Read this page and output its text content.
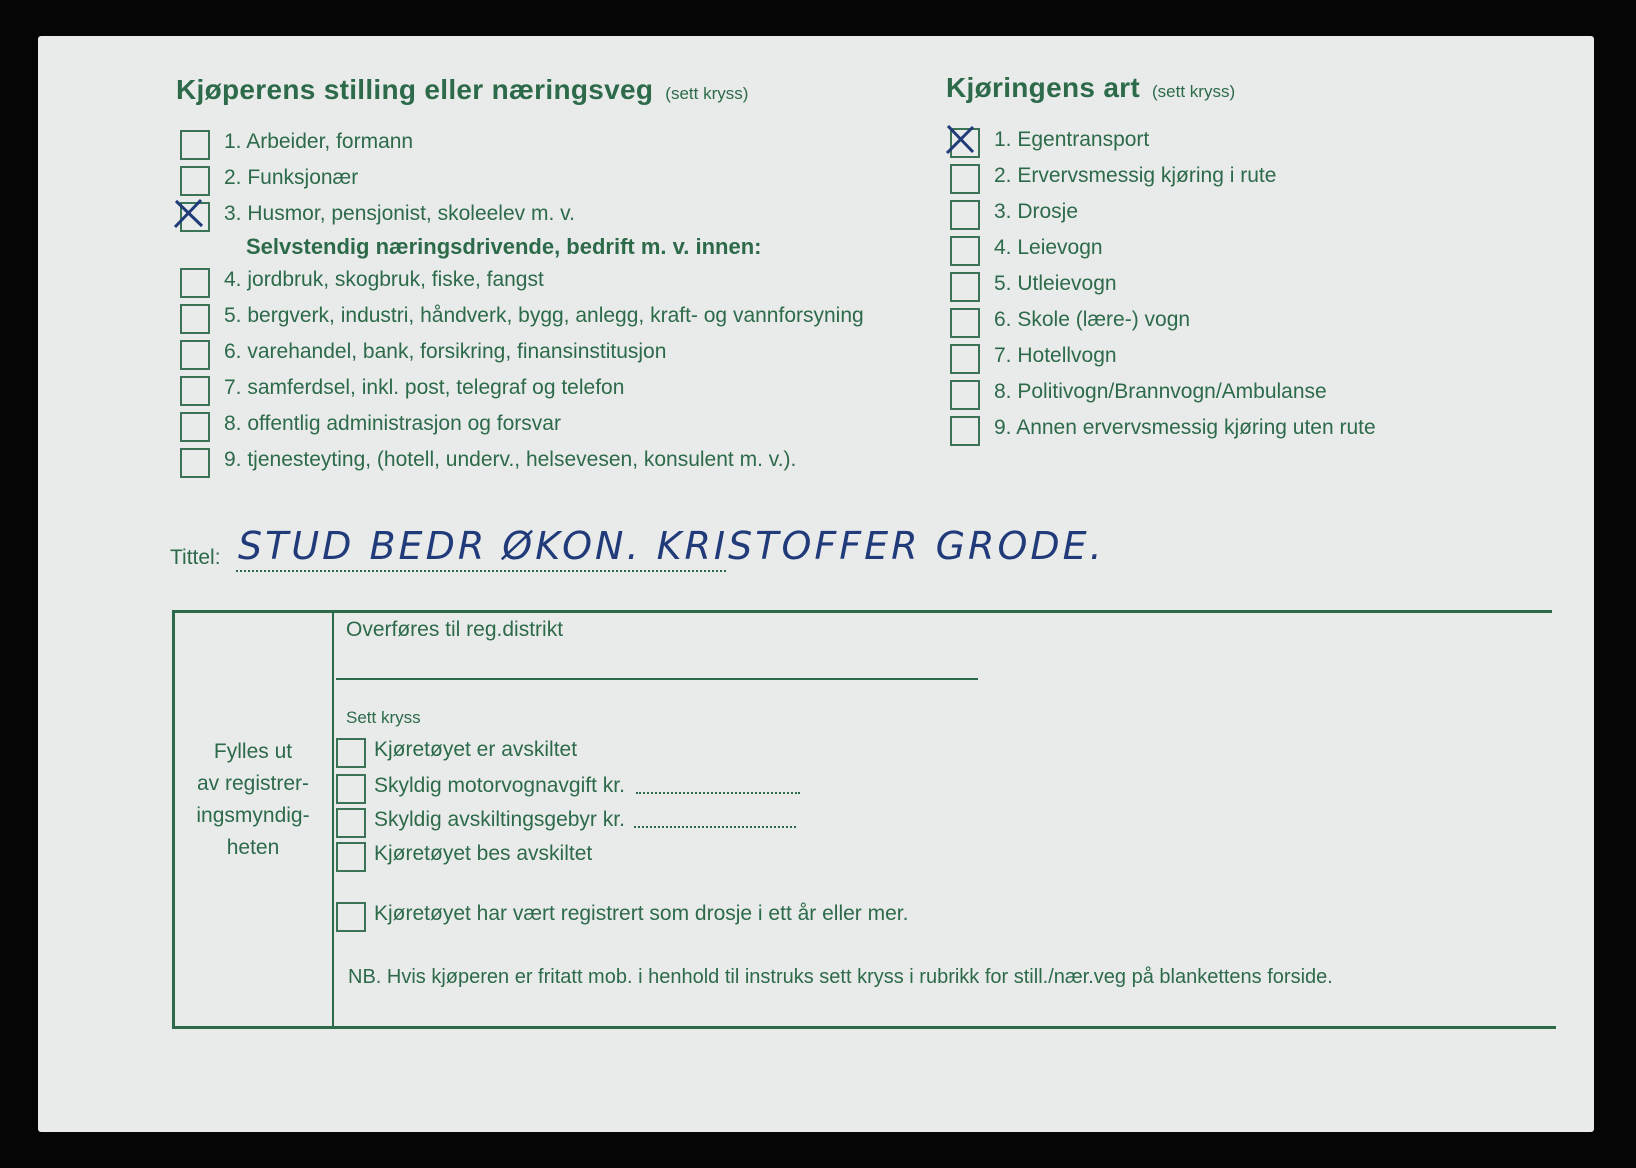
Kjøperens stilling eller næringsveg (sett kryss)
1. Arbeider, formann
2. Funksjonær
3. Husmor, pensjonist, skoleelev m. v.
Selvstendig næringsdrivende, bedrift m. v. innen:
4. jordbruk, skogbruk, fiske, fangst
5. bergverk, industri, håndverk, bygg, anlegg, kraft- og vannforsyning
6. varehandel, bank, forsikring, finansinstitusjon
7. samferdsel, inkl. post, telegraf og telefon
8. offentlig administrasjon og forsvar
9. tjenesteyting, (hotell, underv., helsevesen, konsulent m. v.).
Kjøringens art (sett kryss)
1. Egentransport
2. Ervervsmessig kjøring i rute
3. Drosje
4. Leievogn
5. Utleievogn
6. Skole (lære-) vogn
7. Hotellvogn
8. Politivogn/Brannvogn/Ambulanse
9. Annen ervervsmessig kjøring uten rute
Tittel: STUD BEDR ØKON. KRISTOFFER GRODE.
Fylles ut
av registrer-
ingsmyndig-
heten
Overføres til reg.distrikt
Sett kryss
Kjøretøyet er avskiltet
Skyldig motorvognavgift kr.
Skyldig avskiltingsgebyr kr.
Kjøretøyet bes avskiltet
Kjøretøyet har vært registrert som drosje i ett år eller mer.
NB. Hvis kjøperen er fritatt mob. i henhold til instruks sett kryss i rubrikk for still./nær.veg på blankettens forside.
